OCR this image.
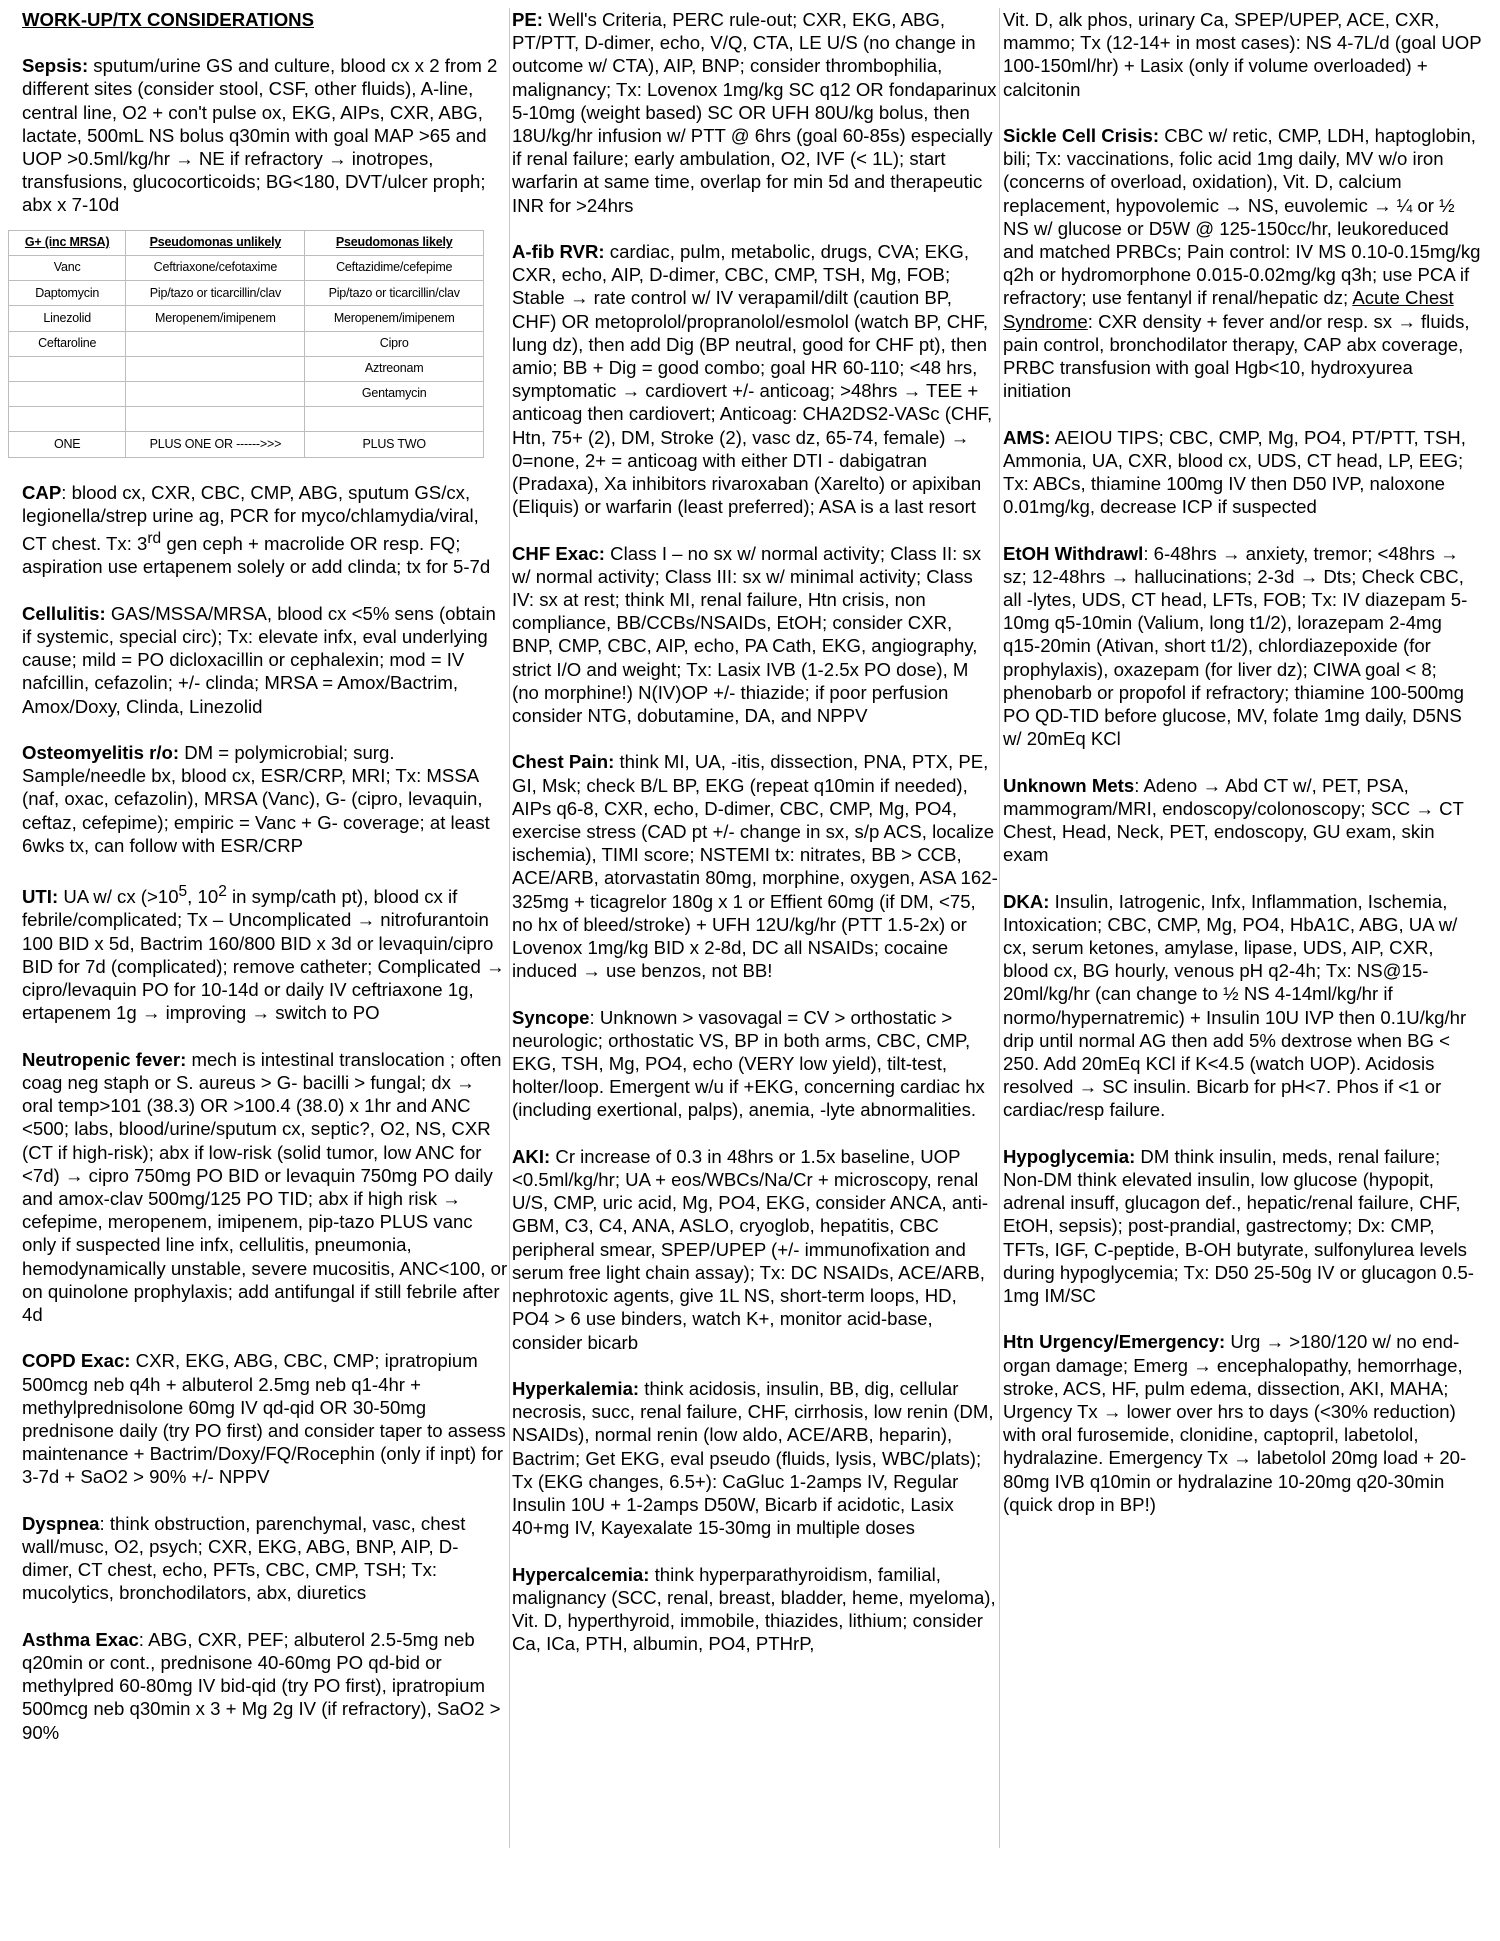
WORK-UP/TX CONSIDERATIONS
Sepsis: sputum/urine GS and culture, blood cx x 2 from 2 different sites (consider stool, CSF, other fluids), A-line, central line, O2 + con't pulse ox, EKG, AIPs, CXR, ABG, lactate, 500mL NS bolus q30min with goal MAP >65 and UOP >0.5ml/kg/hr → NE if refractory → inotropes, transfusions, glucocorticoids; BG<180, DVT/ulcer proph; abx x 7-10d
G+ (inc MRSA)	Pseudomonas unlikely	Pseudomonas likely
Vanc	Ceftriaxone/cefotaxime	Ceftazidime/cefepime
Daptomycin	Pip/tazo or ticarcillin/clav	Pip/tazo or ticarcillin/clav
Linezolid	Meropenem/imipenem	Meropenem/imipenem
Ceftaroline		Cipro
		Aztreonam
		Gentamycin

ONE	PLUS ONE OR ------>>>	PLUS TWO
CAP: blood cx, CXR, CBC, CMP, ABG, sputum GS/cx, legionella/strep urine ag, PCR for myco/chlamydia/viral, CT chest. Tx: 3rd gen ceph + macrolide OR resp. FQ; aspiration use ertapenem solely or add clinda; tx for 5-7d
Cellulitis: GAS/MSSA/MRSA, blood cx <5% sens (obtain if systemic, special circ); Tx: elevate infx, eval underlying cause; mild = PO dicloxacillin or cephalexin; mod = IV nafcillin, cefazolin; +/- clinda; MRSA = Amox/Bactrim, Amox/Doxy, Clinda, Linezolid
Osteomyelitis r/o: DM = polymicrobial; surg. Sample/needle bx, blood cx, ESR/CRP, MRI; Tx: MSSA (naf, oxac, cefazolin), MRSA (Vanc), G- (cipro, levaquin, ceftaz, cefepime); empiric = Vanc + G- coverage; at least 6wks tx, can follow with ESR/CRP
UTI: UA w/ cx ($>10^5$, $10^2$ in symp/cath pt), blood cx if febrile/complicated; Tx – Uncomplicated → nitrofurantoin 100 BID x 5d, Bactrim 160/800 BID x 3d or levaquin/cipro BID for 7d (complicated); remove catheter; Complicated → cipro/levaquin PO for 10-14d or daily IV ceftriaxone 1g, ertapenem 1g → improving → switch to PO
Neutropenic fever: mech is intestinal translocation ; often coag neg staph or S. aureus > G- bacilli > fungal; dx → oral temp>101 (38.3) OR >100.4 (38.0) x 1hr and ANC <500; labs, blood/urine/sputum cx, septic?, O2, NS, CXR (CT if high-risk); abx if low-risk (solid tumor, low ANC for <7d) → cipro 750mg PO BID or levaquin 750mg PO daily and amox-clav 500mg/125 PO TID; abx if high risk → cefepime, meropenem, imipenem, pip-tazo PLUS vanc only if suspected line infx, cellulitis, pneumonia, hemodynamically unstable, severe mucositis, ANC<100, or on quinolone prophylaxis; add antifungal if still febrile after 4d
COPD Exac: CXR, EKG, ABG, CBC, CMP; ipratropium 500mcg neb q4h + albuterol 2.5mg neb q1-4hr + methylprednisolone 60mg IV qd-qid OR 30-50mg prednisone daily (try PO first) and consider taper to assess maintenance + Bactrim/Doxy/FQ/Rocephin (only if inpt) for 3-7d + SaO2 > 90% +/- NPPV
Dyspnea: think obstruction, parenchymal, vasc, chest wall/musc, O2, psych; CXR, EKG, ABG, BNP, AIP, D-dimer, CT chest, echo, PFTs, CBC, CMP, TSH; Tx: mucolytics, bronchodilators, abx, diuretics
Asthma Exac: ABG, CXR, PEF; albuterol 2.5-5mg neb q20min or cont., prednisone 40-60mg PO qd-bid or methylpred 60-80mg IV bid-qid (try PO first), ipratropium 500mcg neb q30min x 3 + Mg 2g IV (if refractory), SaO2 > 90%
PE: Well's Criteria, PERC rule-out; CXR, EKG, ABG, PT/PTT, D-dimer, echo, V/Q, CTA, LE U/S (no change in outcome w/ CTA), AIP, BNP; consider thrombophilia, malignancy; Tx: Lovenox 1mg/kg SC q12 OR fondaparinux 5-10mg (weight based) SC OR UFH 80U/kg bolus, then 18U/kg/hr infusion w/ PTT @ 6hrs (goal 60-85s) especially if renal failure; early ambulation, O2, IVF (< 1L); start warfarin at same time, overlap for min 5d and therapeutic INR for >24hrs
A-fib RVR: cardiac, pulm, metabolic, drugs, CVA; EKG, CXR, echo, AIP, D-dimer, CBC, CMP, TSH, Mg, FOB; Stable → rate control w/ IV verapamil/dilt (caution BP, CHF) OR metoprolol/propranolol/esmolol (watch BP, CHF, lung dz), then add Dig (BP neutral, good for CHF pt), then amio; BB + Dig = good combo; goal HR 60-110; <48 hrs, symptomatic → cardiovert +/- anticoag; >48hrs → TEE + anticoag then cardiovert; Anticoag: CHA2DS2-VASc (CHF, Htn, 75+ (2), DM, Stroke (2), vasc dz, 65-74, female) → 0=none, 2+ = anticoag with either DTI - dabigatran (Pradaxa), Xa inhibitors rivaroxaban (Xarelto) or apixiban (Eliquis) or warfarin (least preferred); ASA is a last resort
CHF Exac: Class I – no sx w/ normal activity; Class II: sx w/ normal activity; Class III: sx w/ minimal activity; Class IV: sx at rest; think MI, renal failure, Htn crisis, non compliance, BB/CCBs/NSAIDs, EtOH; consider CXR, BNP, CMP, CBC, AIP, echo, PA Cath, EKG, angiography, strict I/O and weight; Tx: Lasix IVB (1-2.5x PO dose), M (no morphine!) N(IV)OP +/- thiazide; if poor perfusion consider NTG, dobutamine, DA, and NPPV
Chest Pain: think MI, UA, -itis, dissection, PNA, PTX, PE, GI, Msk; check B/L BP, EKG (repeat q10min if needed), AIPs q6-8, CXR, echo, D-dimer, CBC, CMP, Mg, PO4, exercise stress (CAD pt +/- change in sx, s/p ACS, localize ischemia), TIMI score; NSTEMI tx: nitrates, BB > CCB, ACE/ARB, atorvastatin 80mg, morphine, oxygen, ASA 162-325mg + ticagrelor 180g x 1 or Effient 60mg (if DM, <75, no hx of bleed/stroke) + UFH 12U/kg/hr (PTT 1.5-2x) or Lovenox 1mg/kg BID x 2-8d, DC all NSAIDs; cocaine induced → use benzos, not BB!
Syncope: Unknown > vasovagal = CV > orthostatic > neurologic; orthostatic VS, BP in both arms, CBC, CMP, EKG, TSH, Mg, PO4, echo (VERY low yield), tilt-test, holter/loop. Emergent w/u if +EKG, concerning cardiac hx (including exertional, palps), anemia, -lyte abnormalities.
AKI: Cr increase of 0.3 in 48hrs or 1.5x baseline, UOP <0.5ml/kg/hr; UA + eos/WBCs/Na/Cr + microscopy, renal U/S, CMP, uric acid, Mg, PO4, EKG, consider ANCA, anti-GBM, C3, C4, ANA, ASLO, cryoglob, hepatitis, CBC peripheral smear, SPEP/UPEP (+/- immunofixation and serum free light chain assay); Tx: DC NSAIDs, ACE/ARB, nephrotoxic agents, give 1L NS, short-term loops, HD, PO4 > 6 use binders, watch K+, monitor acid-base, consider bicarb
Hyperkalemia: think acidosis, insulin, BB, dig, cellular necrosis, succ, renal failure, CHF, cirrhosis, low renin (DM, NSAIDs), normal renin (low aldo, ACE/ARB, heparin), Bactrim; Get EKG, eval pseudo (fluids, lysis, WBC/plats); Tx (EKG changes, 6.5+): CaGluc 1-2amps IV, Regular Insulin 10U + 1-2amps D50W, Bicarb if acidotic, Lasix 40+mg IV, Kayexalate 15-30mg in multiple doses
Hypercalcemia: think hyperparathyroidism, familial, malignancy (SCC, renal, breast, bladder, heme, myeloma), Vit. D, hyperthyroid, immobile, thiazides, lithium; consider Ca, ICa, PTH, albumin, PO4, PTHrP,
Vit. D, alk phos, urinary Ca, SPEP/UPEP, ACE, CXR, mammo; Tx (12-14+ in most cases): NS 4-7L/d (goal UOP 100-150ml/hr) + Lasix (only if volume overloaded) + calcitonin
Sickle Cell Crisis: CBC w/ retic, CMP, LDH, haptoglobin, bili; Tx: vaccinations, folic acid 1mg daily, MV w/o iron (concerns of overload, oxidation), Vit. D, calcium replacement, hypovolemic → NS, euvolemic → ¼ or ½ NS w/ glucose or D5W @ 125-150cc/hr, leukoreduced and matched PRBCs; Pain control: IV MS 0.10-0.15mg/kg q2h or hydromorphone 0.015-0.02mg/kg q3h; use PCA if refractory; use fentanyl if renal/hepatic dz; Acute Chest Syndrome: CXR density + fever and/or resp. sx → fluids, pain control, bronchodilator therapy, CAP abx coverage, PRBC transfusion with goal Hgb<10, hydroxyurea initiation
AMS: AEIOU TIPS; CBC, CMP, Mg, PO4, PT/PTT, TSH, Ammonia, UA, CXR, blood cx, UDS, CT head, LP, EEG; Tx: ABCs, thiamine 100mg IV then D50 IVP, naloxone 0.01mg/kg, decrease ICP if suspected
EtOH Withdrawl: 6-48hrs → anxiety, tremor; <48hrs → sz; 12-48hrs → hallucinations; 2-3d → Dts; Check CBC, all -lytes, UDS, CT head, LFTs, FOB; Tx: IV diazepam 5-10mg q5-10min (Valium, long t1/2), lorazepam 2-4mg q15-20min (Ativan, short t1/2), chlordiazepoxide (for prophylaxis), oxazepam (for liver dz); CIWA goal < 8; phenobarb or propofol if refractory; thiamine 100-500mg PO QD-TID before glucose, MV, folate 1mg daily, D5NS w/ 20mEq KCl
Unknown Mets: Adeno → Abd CT w/, PET, PSA, mammogram/MRI, endoscopy/colonoscopy; SCC → CT Chest, Head, Neck, PET, endoscopy, GU exam, skin exam
DKA: Insulin, Iatrogenic, Infx, Inflammation, Ischemia, Intoxication; CBC, CMP, Mg, PO4, HbA1C, ABG, UA w/ cx, serum ketones, amylase, lipase, UDS, AIP, CXR, blood cx, BG hourly, venous pH q2-4h; Tx: NS@15-20ml/kg/hr (can change to ½ NS 4-14ml/kg/hr if normo/hypernatremic) + Insulin 10U IVP then 0.1U/kg/hr drip until normal AG then add 5% dextrose when BG < 250. Add 20mEq KCl if K<4.5 (watch UOP). Acidosis resolved → SC insulin. Bicarb for pH<7. Phos if <1 or cardiac/resp failure.
Hypoglycemia: DM think insulin, meds, renal failure; Non-DM think elevated insulin, low glucose (hypopit, adrenal insuff, glucagon def., hepatic/renal failure, CHF, EtOH, sepsis); post-prandial, gastrectomy; Dx: CMP, TFTs, IGF, C-peptide, B-OH butyrate, sulfonylurea levels during hypoglycemia; Tx: D50 25-50g IV or glucagon 0.5-1mg IM/SC
Htn Urgency/Emergency: Urg → >180/120 w/ no end-organ damage; Emerg → encephalopathy, hemorrhage, stroke, ACS, HF, pulm edema, dissection, AKI, MAHA; Urgency Tx → lower over hrs to days (<30% reduction) with oral furosemide, clonidine, captopril, labetolol, hydralazine. Emergency Tx → labetolol 20mg load + 20-80mg IVB q10min or hydralazine 10-20mg q20-30min (quick drop in BP!)
